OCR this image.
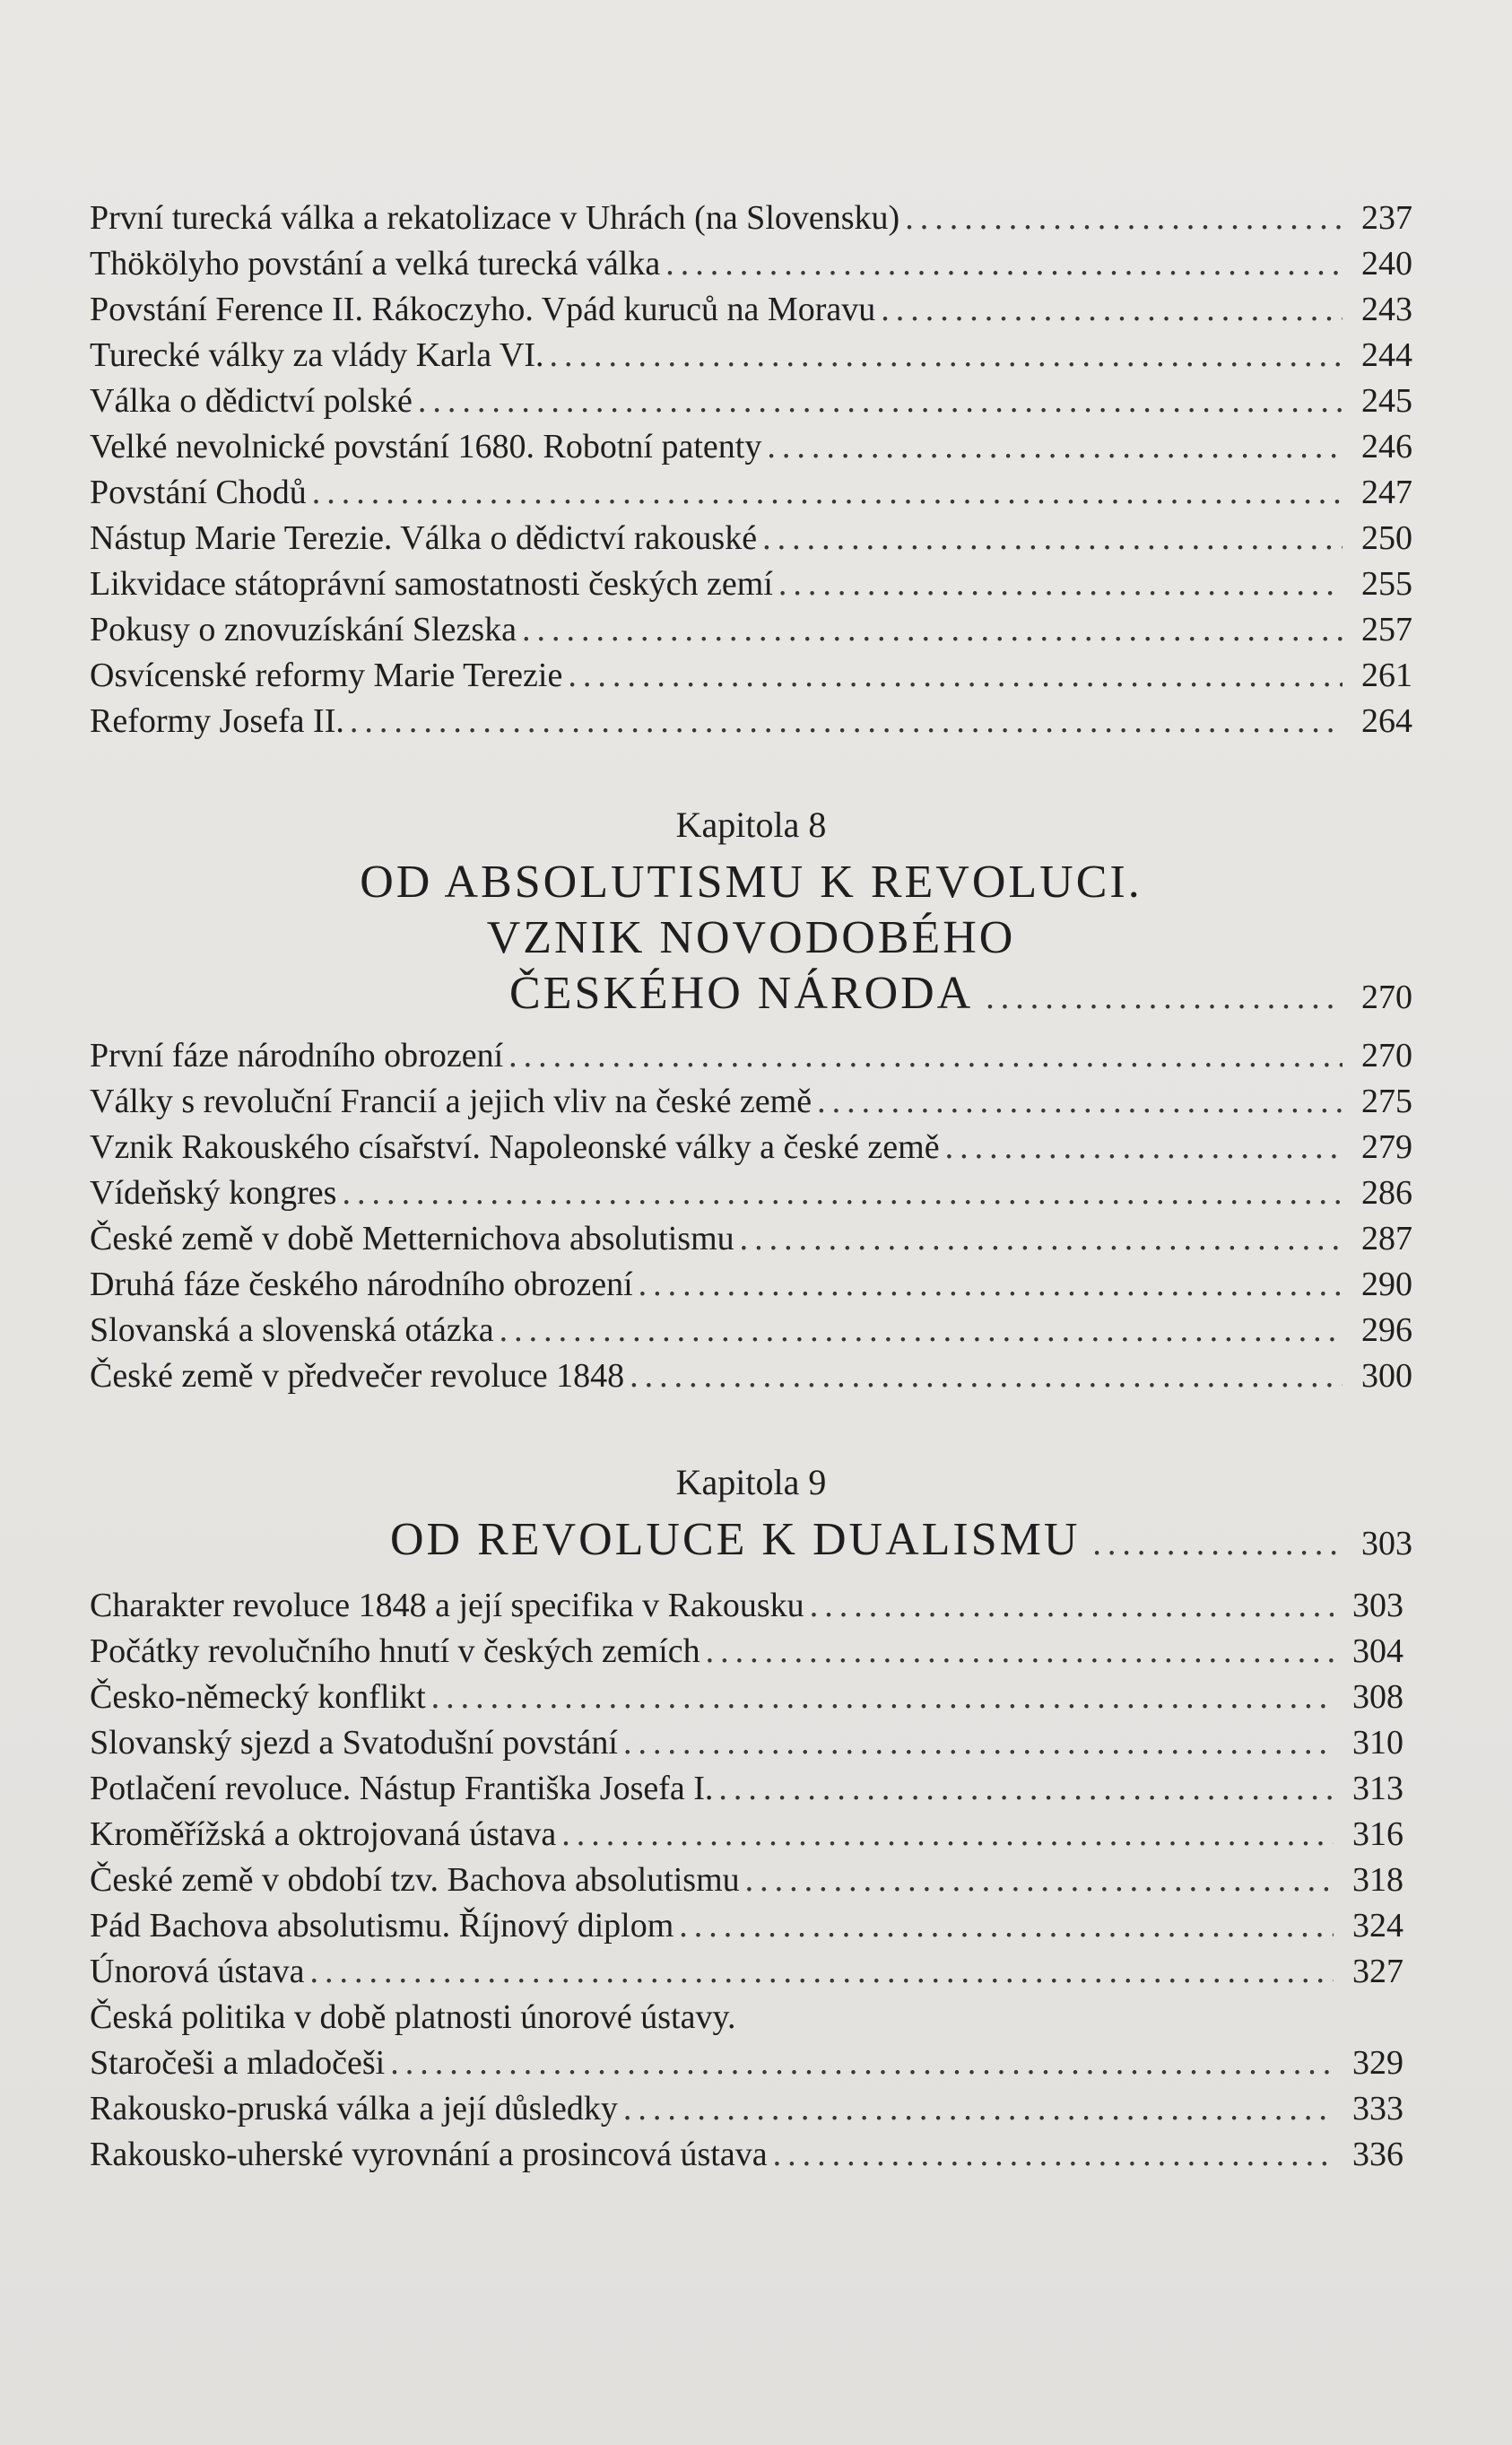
První turecká válka a rekatolizace v Uhrách (na Slovensku) .....	237
Thökölyho povstání a velká turecká válka .....	240
Povstání Ference II. Rákoczyho. Vpád kuruců na Moravu .....	243
Turecké války za vlády Karla VI. .....	244
Válka o dědictví polské .....	245
Velké nevolnické povstání 1680. Robotní patenty .....	246
Povstání Chodů .....	247
Nástup Marie Terezie. Válka o dědictví rakouské .....	250
Likvidace státoprávní samostatnosti českých zemí .....	255
Pokusy o znovuzískání Slezska .....	257
Osvícenské reformy Marie Terezie .....	261
Reformy Josefa II. .....	264

Kapitola 8

OD ABSOLUTISMU K REVOLUCI.

VZNIK NOVODOBÉHO

ČESKÉHO NÁRODA .....	270
První fáze národního obrození .....	270
Války s revoluční Francií a jejich vliv na české země .....	275
Vznik Rakouského císařství. Napoleonské války a české země .....	279
Vídeňský kongres .....	286
České země v době Metternichova absolutismu .....	287
Druhá fáze českého národního obrození .....	290
Slovanská a slovenská otázka .....	296
České země v předvečer revoluce 1848 .....	300

Kapitola 9

OD REVOLUCE K DUALISMU .....	303
Charakter revoluce 1848 a její specifika v Rakousku .....	303
Počátky revolučního hnutí v českých zemích .....	304
Česko-německý konflikt .....	308
Slovanský sjezd a Svatodušní povstání .....	310
Potlačení revoluce. Nástup Františka Josefa I. .....	313
Kroměřížská a oktrojovaná ústava .....	316
České země v období tzv. Bachova absolutismu .....	318
Pád Bachova absolutismu. Říjnový diplom .....	324
Únorová ústava .....	327
Česká politika v době platnosti únorové ústavy.
Staročeši a mladočeši .....	329
Rakousko-pruská válka a její důsledky .....	333
Rakousko-uherské vyrovnání a prosincová ústava .....	336
